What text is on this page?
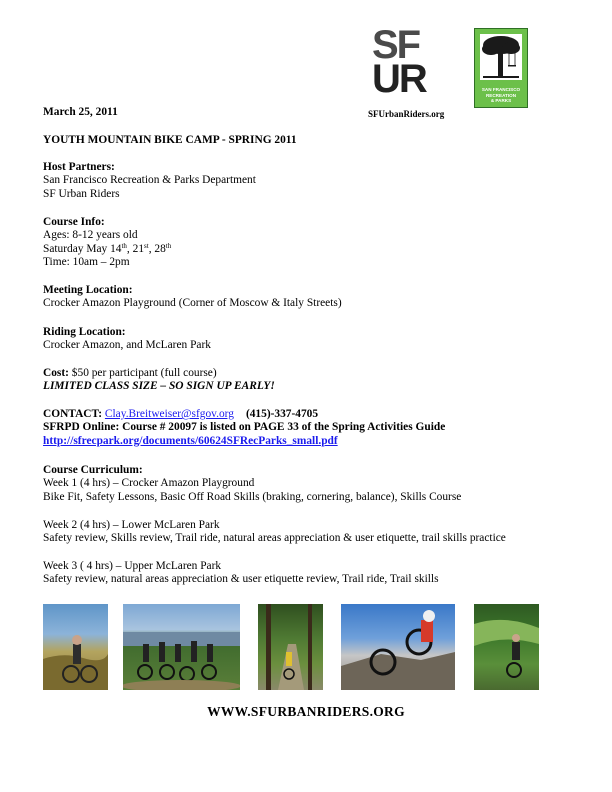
SF
UR
SFUrbanRiders.org
SAN FRANCISCO
RECREATION
& PARKS
March 25, 2011
YOUTH MOUNTAIN BIKE CAMP - SPRING 2011
Host Partners:
San Francisco Recreation & Parks Department
SF Urban Riders
Course Info:
Ages: 8-12 years old
Saturday May 14th, 21st, 28th
Time: 10am – 2pm
Meeting Location:
Crocker Amazon Playground (Corner of Moscow & Italy Streets)
Riding Location:
Crocker Amazon, and McLaren Park
Cost: $50 per participant (full course)
LIMITED CLASS SIZE – SO SIGN UP EARLY!
CONTACT: Clay.Breitweiser@sfgov.org (415)-337-4705
SFRPD Online: Course # 20097 is listed on PAGE 33 of the Spring Activities Guide
http://sfrecpark.org/documents/60624SFRecParks_small.pdf
Course Curriculum:
Week 1 (4 hrs) – Crocker Amazon Playground
Bike Fit, Safety Lessons, Basic Off Road Skills (braking, cornering, balance), Skills Course
Week 2 (4 hrs) – Lower McLaren Park
Safety review, Skills review, Trail ride, natural areas appreciation & user etiquette, trail skills practice
Week 3 ( 4 hrs) – Upper McLaren Park
Safety review, natural areas appreciation & user etiquette review, Trail ride, Trail skills
WWW.SFURBANRIDERS.ORG
